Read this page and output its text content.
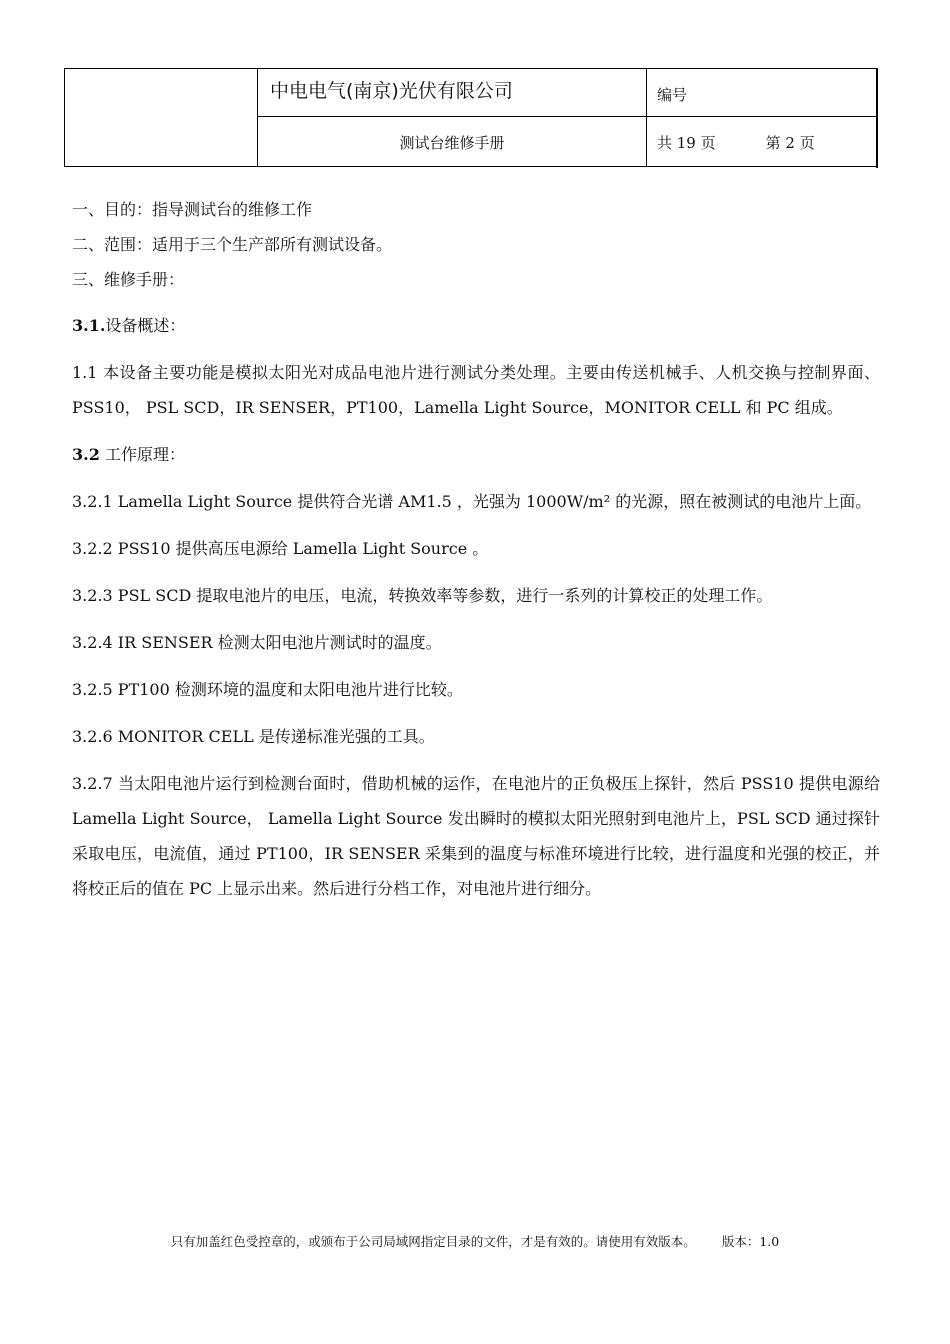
中电电气(南京)光伏有限公司	编号
测试台维修手册	共 19 页	第 2 页

一、目的：指导测试台的维修工作

二、范围：适用于三个生产部所有测试设备。

三、维修手册：

3.1.设备概述：

1.1 本设备主要功能是模拟太阳光对成品电池片进行测试分类处理。主要由传送机械手、人机交换与控制界面、PSS10， PSL SCD，IR SENSER，PT100，Lamella Light Source，MONITOR CELL 和 PC 组成。

3.2 工作原理：

3.2.1 Lamella Light Source 提供符合光谱 AM1.5 ，光强为 1000W/m² 的光源，照在被测试的电池片上面。

3.2.2 PSS10 提供高压电源给 Lamella Light Source 。

3.2.3 PSL SCD 提取电池片的电压，电流，转换效率等参数，进行一系列的计算校正的处理工作。

3.2.4 IR SENSER 检测太阳电池片测试时的温度。

3.2.5 PT100 检测环境的温度和太阳电池片进行比较。

3.2.6 MONITOR CELL 是传递标准光强的工具。

3.2.7 当太阳电池片运行到检测台面时，借助机械的运作，在电池片的正负极压上探针，然后 PSS10 提供电源给 Lamella Light Source， Lamella Light Source 发出瞬时的模拟太阳光照射到电池片上，PSL SCD 通过探针采取电压，电流值，通过 PT100，IR SENSER 采集到的温度与标准环境进行比较，进行温度和光强的校正，并将校正后的值在 PC 上显示出来。然后进行分档工作，对电池片进行细分。

只有加盖红色受控章的，或颁布于公司局域网指定目录的文件，才是有效的。请使用有效版本。 版本：1.0
